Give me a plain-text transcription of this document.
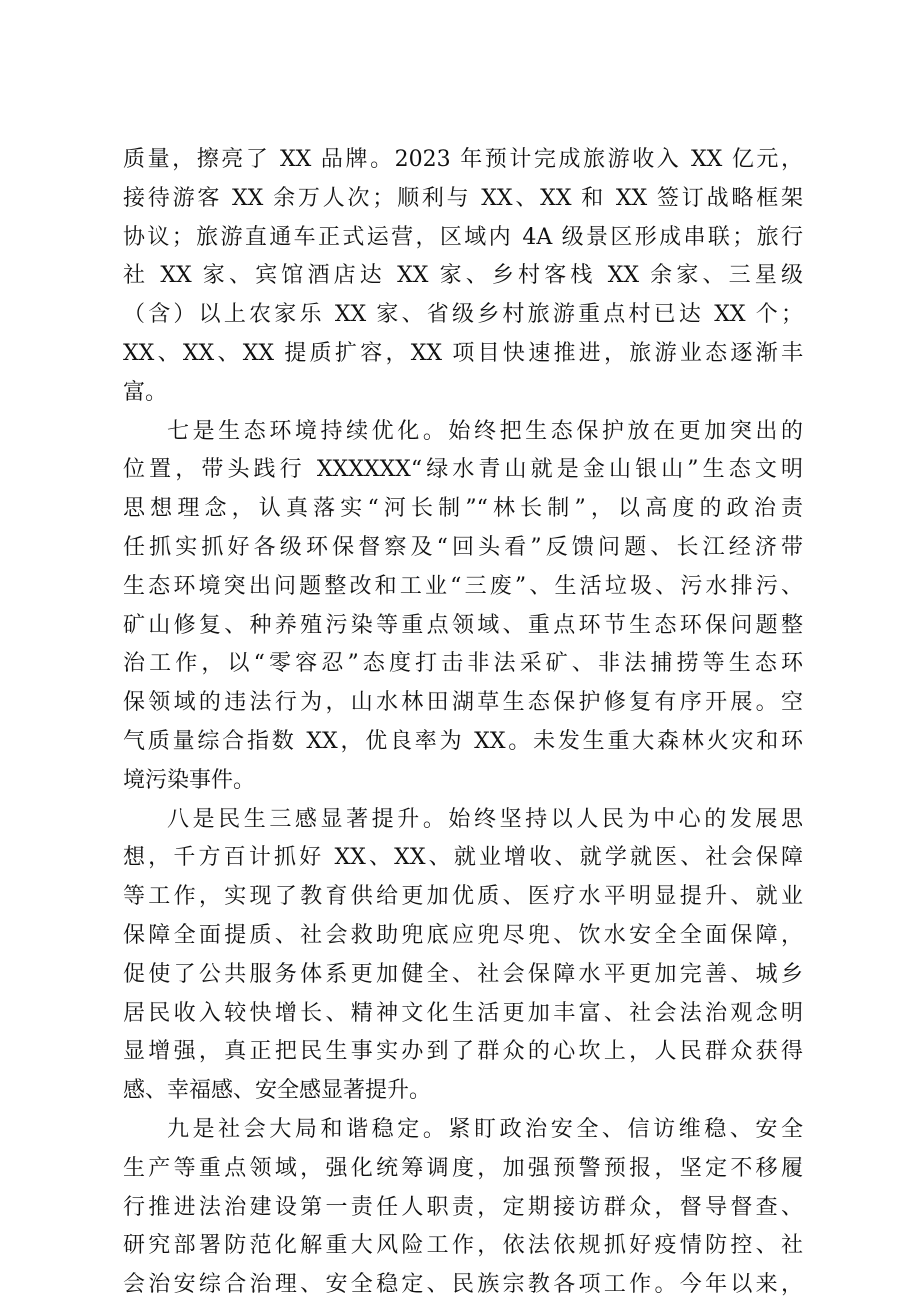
质量，擦亮了 XX 品牌。2023 年预计完成旅游收入 XX 亿元，
接待游客 XX 余万人次；顺利与 XX、XX 和 XX 签订战略框架
协议；旅游直通车正式运营，区域内 4A 级景区形成串联；旅行
社 XX 家、宾馆酒店达 XX 家、乡村客栈 XX 余家、三星级
（含）以上农家乐 XX 家、省级乡村旅游重点村已达 XX 个；
XX、XX、XX 提质扩容，XX 项目快速推进，旅游业态逐渐丰
富。
七是生态环境持续优化。始终把生态保护放在更加突出的
位置，带头践行 XXXXXX“绿水青山就是金山银山”生态文明
思想理念，认真落实“河长制”“林长制”，以高度的政治责
任抓实抓好各级环保督察及“回头看”反馈问题、长江经济带
生态环境突出问题整改和工业“三废”、生活垃圾、污水排污、
矿山修复、种养殖污染等重点领域、重点环节生态环保问题整
治工作，以“零容忍”态度打击非法采矿、非法捕捞等生态环
保领域的违法行为，山水林田湖草生态保护修复有序开展。空
气质量综合指数 XX，优良率为 XX。未发生重大森林火灾和环
境污染事件。
八是民生三感显著提升。始终坚持以人民为中心的发展思
想，千方百计抓好 XX、XX、就业增收、就学就医、社会保障
等工作，实现了教育供给更加优质、医疗水平明显提升、就业
保障全面提质、社会救助兜底应兜尽兜、饮水安全全面保障，
促使了公共服务体系更加健全、社会保障水平更加完善、城乡
居民收入较快增长、精神文化生活更加丰富、社会法治观念明
显增强，真正把民生事实办到了群众的心坎上，人民群众获得
感、幸福感、安全感显著提升。
九是社会大局和谐稳定。紧盯政治安全、信访维稳、安全
生产等重点领域，强化统筹调度，加强预警预报，坚定不移履
行推进法治建设第一责任人职责，定期接访群众，督导督查、
研究部署防范化解重大风险工作，依法依规抓好疫情防控、社
会治安综合治理、安全稳定、民族宗教各项工作。今年以来，
